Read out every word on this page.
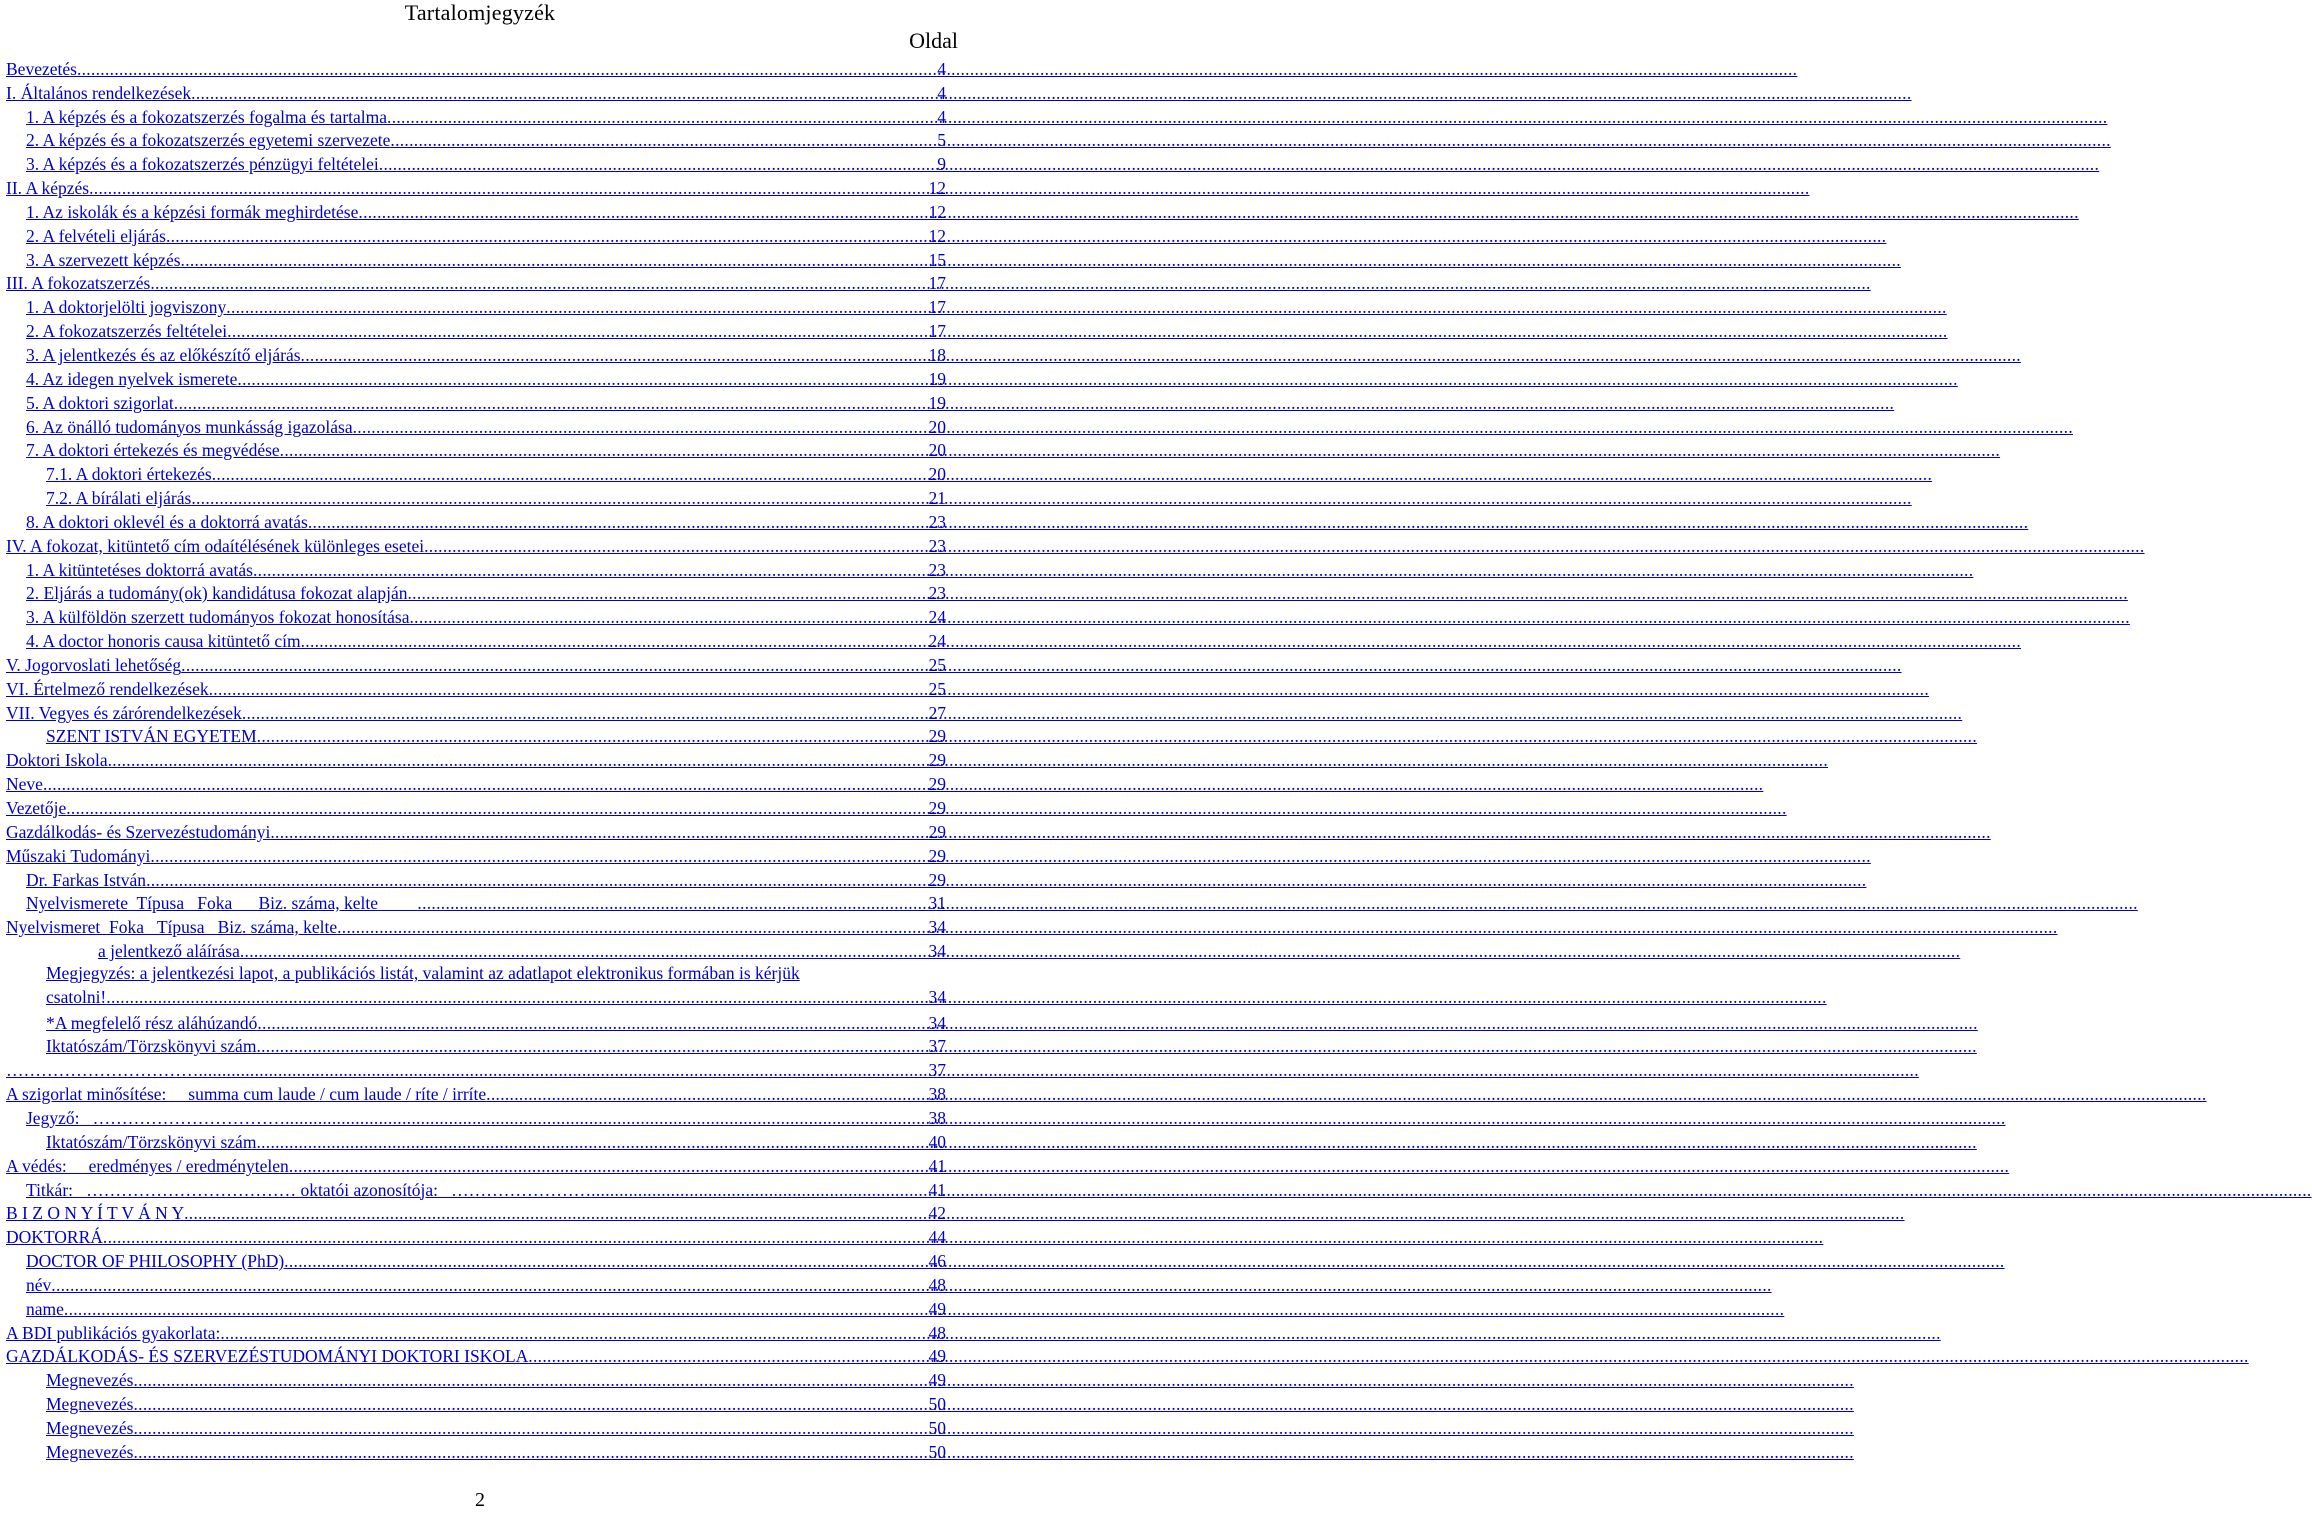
Tartalomjegyzék
Oldal
Bevezetés .....	4
I. Általános rendelkezések .....	4
1. A képzés és a fokozatszerzés fogalma és tartalma .....	4
2. A képzés és a fokozatszerzés egyetemi szervezete .....	5
3. A képzés és a fokozatszerzés pénzügyi feltételei .....	9
II. A képzés .....	12
1. Az iskolák és a képzési formák meghirdetése .....	12
2. A felvételi eljárás .....	12
3. A szervezett képzés .....	15
III. A fokozatszerzés .....	17
1. A doktorjelölti jogviszony .....	17
2. A fokozatszerzés feltételei .....	17
3. A jelentkezés és az előkészítő eljárás .....	18
4. Az idegen nyelvek ismerete .....	19
5. A doktori szigorlat .....	19
6. Az önálló tudományos munkásság igazolása .....	20
7. A doktori értekezés és megvédése .....	20
7.1. A doktori értekezés .....	20
7.2. A bírálati eljárás .....	21
8. A doktori oklevél és a doktorrá avatás .....	23
IV. A fokozat, kitüntető cím odaítélésének különleges esetei .....	23
1. A kitüntetéses doktorrá avatás .....	23
2. Eljárás a tudomány(ok) kandidátusa fokozat alapján .....	23
3. A külföldön szerzett tudományos fokozat honosítása .....	24
4. A doctor honoris causa kitüntető cím .....	24
V. Jogorvoslati lehetőség .....	25
VI. Értelmező rendelkezések .....	25
VII. Vegyes és zárórendelkezések .....	27
SZENT ISTVÁN EGYETEM .....	29
Doktori Iskola .....	29
Neve .....	29
Vezetője .....	29
Gazdálkodás- és Szervezéstudományi .....	29
Műszaki Tudományi .....	29
Dr. Farkas István .....	29
Nyelvismerete  Típusa   Foka      Biz. száma, kelte .....	31
Nyelvismeret  Foka   Típusa   Biz. száma, kelte .....	34
a jelentkező aláírása .....	34
Megjegyzés: a jelentkezési lapot, a publikációs listát, valamint az adatlapot elektronikus formában is kérjük
csatolni! .....	34
*A megfelelő rész aláhúzandó .....	34
Iktatószám/Törzskönyvi szám .....	37
…………………………… .....	37
A szigorlat minősítése:     summa cum laude / cum laude / ríte / irríte .....	38
Jegyző:   …………………………… .....	38
Iktatószám/Törzskönyvi szám .....	40
A védés:     eredményes / eredménytelen .....	41
Titkár:   ……………………………… oktatói azonosítója:   …………………… .....	41
B I Z O N Y Í T V Á N Y .....	42
DOKTORRÁ .....	44
DOCTOR OF PHILOSOPHY (PhD) .....	46
név .....	48
name .....	49
A BDI publikációs gyakorlata: .....	48
GAZDÁLKODÁS- ÉS SZERVEZÉSTUDOMÁNYI DOKTORI ISKOLA .....	49
Megnevezés .....	49
Megnevezés .....	50
Megnevezés .....	50
Megnevezés .....	50
2
